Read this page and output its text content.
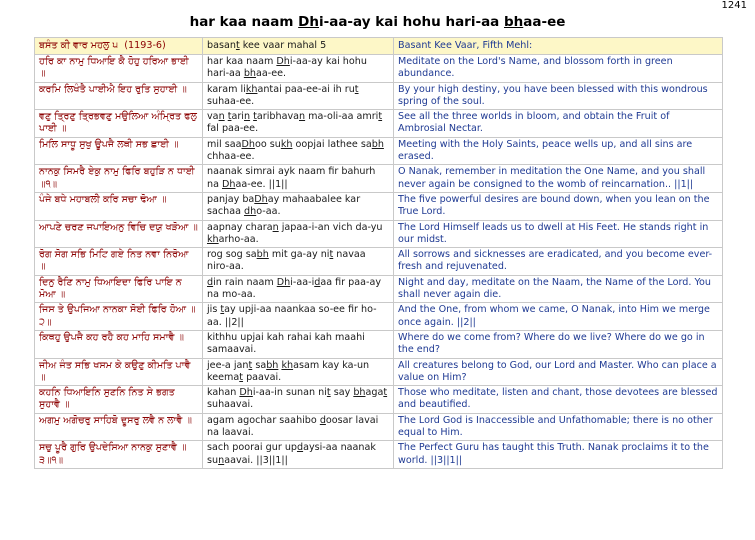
1241
har kaa naam Dhi-aa-ay kai hohu hari-aa bhaa-ee
ਬਸੰਤ ਕੀ ਵਾਰ ਮਹਲੁ ੫ (1193-6)	basant kee vaar mahal 5	Basant Kee Vaar, Fifth Mehl:
ਹਰਿ ਕਾ ਨਾਮੁ ਧਿਆਇ ਕੈ ਹੋਹੁ ਹਰਿਆ ਭਾਈ ॥	har kaa naam Dhi-aa-ay kai hohu hari-aa bhaa-ee.	Meditate on the Lord's Name, and blossom forth in green abundance.
ਕਰਮਿ ਲਿਖੰਤੈ ਪਾਈਐ ਇਹ ਰੁਤਿ ਸੁਹਾਈ ॥	karam likhantai paa-ee-ai ih rut suhaa-ee.	By your high destiny, you have been blessed with this wondrous spring of the soul.
ਵਣੁ ਤ੍ਰਿਣੁ ਤ੍ਰਿਭਵਣੁ ਮਉਲਿਆ ਅੰਮ੍ਰਿਤ ਫਲੁ ਪਾਈ ॥	van tarin taribhavan ma-oli-aa amrit fal paa-ee.	See all the three worlds in bloom, and obtain the Fruit of Ambrosial Nectar.
ਮਿਲਿ ਸਾਧੂ ਸੁਖੁ ਊਪਜੈ ਲਥੀ ਸਭ ਛਾਈ ॥	mil saaDhoo sukh oopjai lathee sabh chhaa-ee.	Meeting with the Holy Saints, peace wells up, and all sins are erased.
ਨਾਨਕੁ ਸਿਮਰੈ ਏਕੁ ਨਾਮੁ ਫਿਰਿ ਬਹੁੜਿ ਨ ਧਾਈ ॥੧॥	naanak simrai ayk naam fir bahurh na Dhaa-ee. ||1||	O Nanak, remember in meditation the One Name, and you shall never again be consigned to the womb of reincarnation.. ||1||
ਪੰਜੇ ਬਧੇ ਮਹਾਬਲੀ ਕਰਿ ਸਚਾ ਢੋਆ ॥	panjay baDhay mahaabalee kar sachaa dho-aa.	The five powerful desires are bound down, when you lean on the True Lord.
ਆਪਣੇ ਚਰਣ ਜਪਾਇਅਨੁ ਵਿਚਿ ਦਯੁ ਖੜੋਆ ॥	aapnay charan japaa-i-an vich da-yu kharho-aa.	The Lord Himself leads us to dwell at His Feet. He stands right in our midst.
ਰੋਗ ਸੋਗ ਸਭਿ ਮਿਟਿ ਗਏ ਨਿਤ ਨਵਾ ਨਿਰੋਆ ॥	rog sog sabh mit ga-ay nit navaa niro-aa.	All sorrows and sicknesses are eradicated, and you become ever-fresh and rejuvenated.
ਦਿਨੁ ਰੈਣਿ ਨਾਮੁ ਧਿਆਇਦਾ ਫਿਰਿ ਪਾਇ ਨ ਮੋਆ ॥	din rain naam Dhi-aa-idaa fir paa-ay na mo-aa.	Night and day, meditate on the Naam, the Name of the Lord. You shall never again die.
ਜਿਸ ਤੇ ਉਪਜਿਆ ਨਾਨਕਾ ਸੋਈ ਫਿਰਿ ਹੋਆ ॥੨॥	jis tay upji-aa naankaa so-ee fir ho-aa. ||2||	And the One, from whom we came, O Nanak, into Him we merge once again. ||2||
ਕਿਥਹੁ ਉਪਜੈ ਕਹ ਰਹੈ ਕਹ ਮਾਹਿ ਸਮਾਵੈ ॥	kithhu upjai kah rahai kah maahi samaavai.	Where do we come from? Where do we live? Where do we go in the end?
ਜੀਅ ਜੰਤ ਸਭਿ ਖਸਮ ਕੇ ਕਉਣੁ ਕੀਮਤਿ ਪਾਵੈ ॥	jee-a jant sabh khasam kay ka-un keemat paavai.	All creatures belong to God, our Lord and Master. Who can place a value on Him?
ਕਹਨਿ ਧਿਆਇਨਿ ਸੁਣਨਿ ਨਿਤ ਸੇ ਭਗਤ ਸੁਹਾਵੈ ॥	kahan Dhi-aa-in sunan nit say bhagat suhaavai.	Those who meditate, listen and chant, those devotees are blessed and beautified.
ਅਗਮੁ ਅਗੋਚਰੁ ਸਾਹਿਬੋ ਦੂਸਰੁ ਲਵੈ ਨ ਲਾਵੈ ॥	agam agochar saahibo doosar lavai na laavai.	The Lord God is Inaccessible and Unfathomable; there is no other equal to Him.
ਸਚੁ ਪੂਰੈ ਗੁਰਿ ਉਪਦੇਸਿਆ ਨਾਨਕੁ ਸੁਣਾਵੈ ॥੩॥੧॥	sach poorai gur updaysi-aa naanak sunaavai. ||3||1||	The Perfect Guru has taught this Truth. Nanak proclaims it to the world. ||3||1||
